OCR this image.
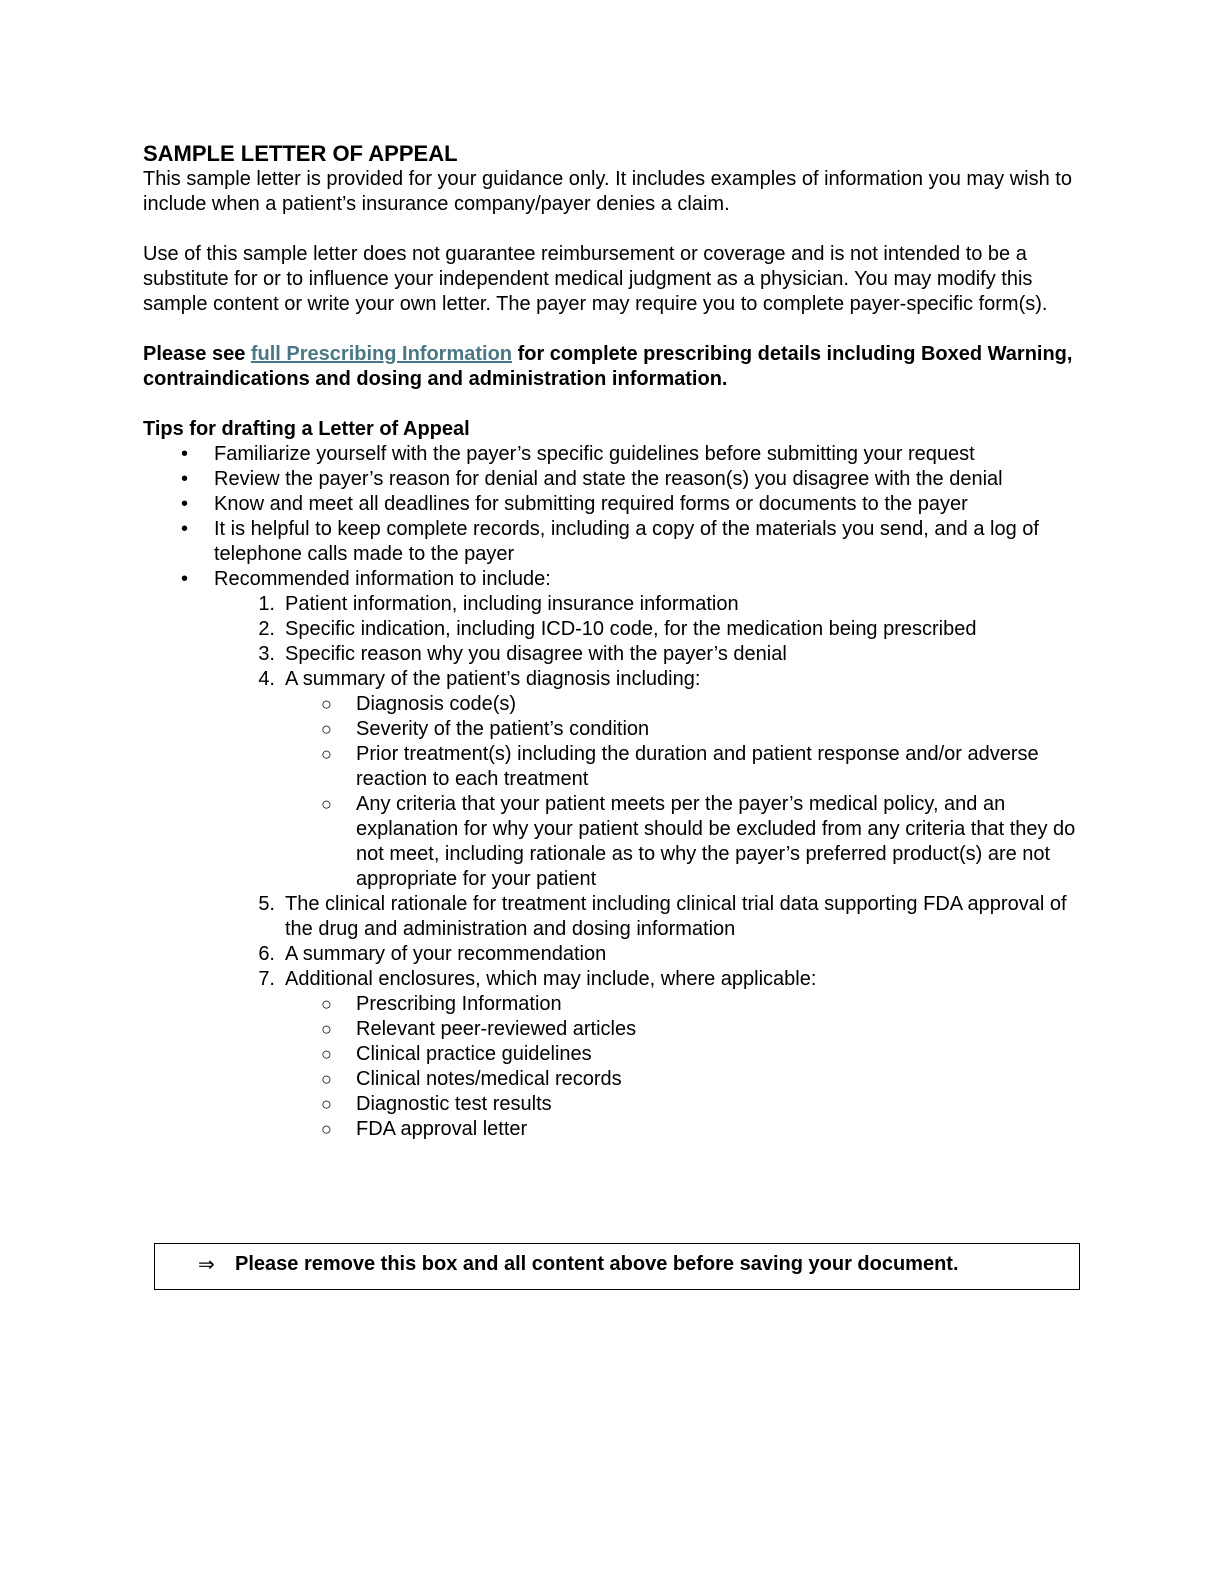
SAMPLE LETTER OF APPEAL

This sample letter is provided for your guidance only. It includes examples of information you may wish to include when a patient’s insurance company/payer denies a claim.

Use of this sample letter does not guarantee reimbursement or coverage and is not intended to be a substitute for or to influence your independent medical judgment as a physician. You may modify this sample content or write your own letter. The payer may require you to complete payer-specific form(s).

Please see full Prescribing Information for complete prescribing details including Boxed Warning, contraindications and dosing and administration information.

Tips for drafting a Letter of Appeal

• Familiarize yourself with the payer’s specific guidelines before submitting your request
• Review the payer’s reason for denial and state the reason(s) you disagree with the denial
• Know and meet all deadlines for submitting required forms or documents to the payer
• It is helpful to keep complete records, including a copy of the materials you send, and a log of telephone calls made to the payer
• Recommended information to include:
1. Patient information, including insurance information
2. Specific indication, including ICD-10 code, for the medication being prescribed
3. Specific reason why you disagree with the payer’s denial
4. A summary of the patient’s diagnosis including:
○ Diagnosis code(s)
○ Severity of the patient’s condition
○ Prior treatment(s) including the duration and patient response and/or adverse reaction to each treatment
○ Any criteria that your patient meets per the payer’s medical policy, and an explanation for why your patient should be excluded from any criteria that they do not meet, including rationale as to why the payer’s preferred product(s) are not appropriate for your patient
5. The clinical rationale for treatment including clinical trial data supporting FDA approval of the drug and administration and dosing information
6. A summary of your recommendation
7. Additional enclosures, which may include, where applicable:
○ Prescribing Information
○ Relevant peer-reviewed articles
○ Clinical practice guidelines
○ Clinical notes/medical records
○ Diagnostic test results
○ FDA approval letter
⇒ Please remove this box and all content above before saving your document.
